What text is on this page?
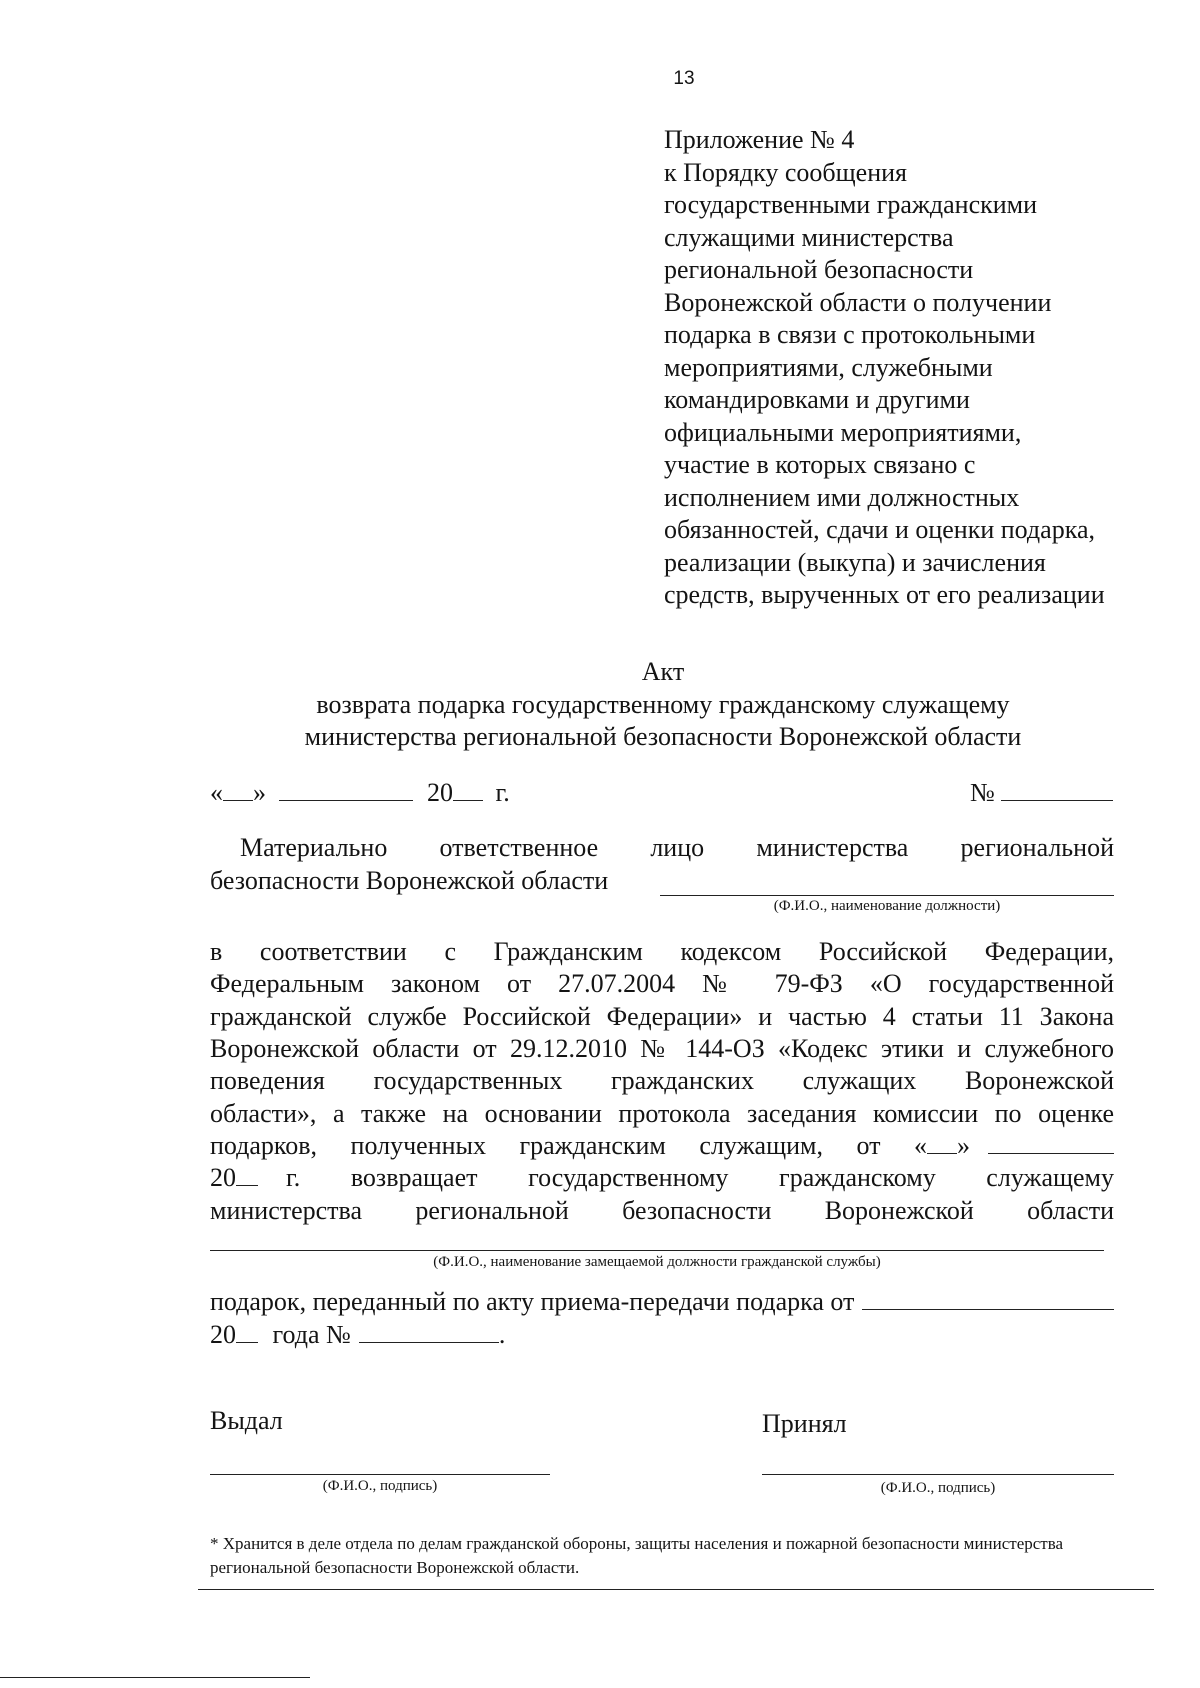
13
Приложение № 4
к Порядку сообщения
государственными гражданскими
служащими министерства
региональной безопасности
Воронежской области о получении
подарка в связи с протокольными
мероприятиями, служебными
командировками и другими
официальными мероприятиями,
участие в которых связано с
исполнением ими должностных
обязанностей, сдачи и оценки подарка,
реализации (выкупа) и зачисления
средств, вырученных от его реализации
Акт
возврата подарка государственному гражданскому служащему
министерства региональной безопасности Воронежской области
« »	20 г.	№
Материально ответственное лицо министерства региональной
безопасности Воронежской области
(Ф.И.О., наименование должности)
в соответствии с Гражданским кодексом Российской Федерации,
Федеральным законом от 27.07.2004 № 79-ФЗ «О государственной
гражданской службе Российской Федерации» и частью 4 статьи 11 Закона
Воронежской области от 29.12.2010 № 144-ОЗ «Кодекс этики и служебного
поведения государственных гражданских служащих Воронежской
области», а также на основании протокола заседания комиссии по оценке
подарков, полученных гражданским служащим, от « »
20 г. возвращает государственному гражданскому служащему
министерства региональной безопасности Воронежской области
(Ф.И.О., наименование замещаемой должности гражданской службы)
подарок, переданный по акту приема-передачи подарка от
20 года №	.
Выдал	Принял
(Ф.И.О., подпись)	(Ф.И.О., подпись)
* Хранится в деле отдела по делам гражданской обороны, защиты населения и пожарной безопасности министерства региональной безопасности Воронежской области.
